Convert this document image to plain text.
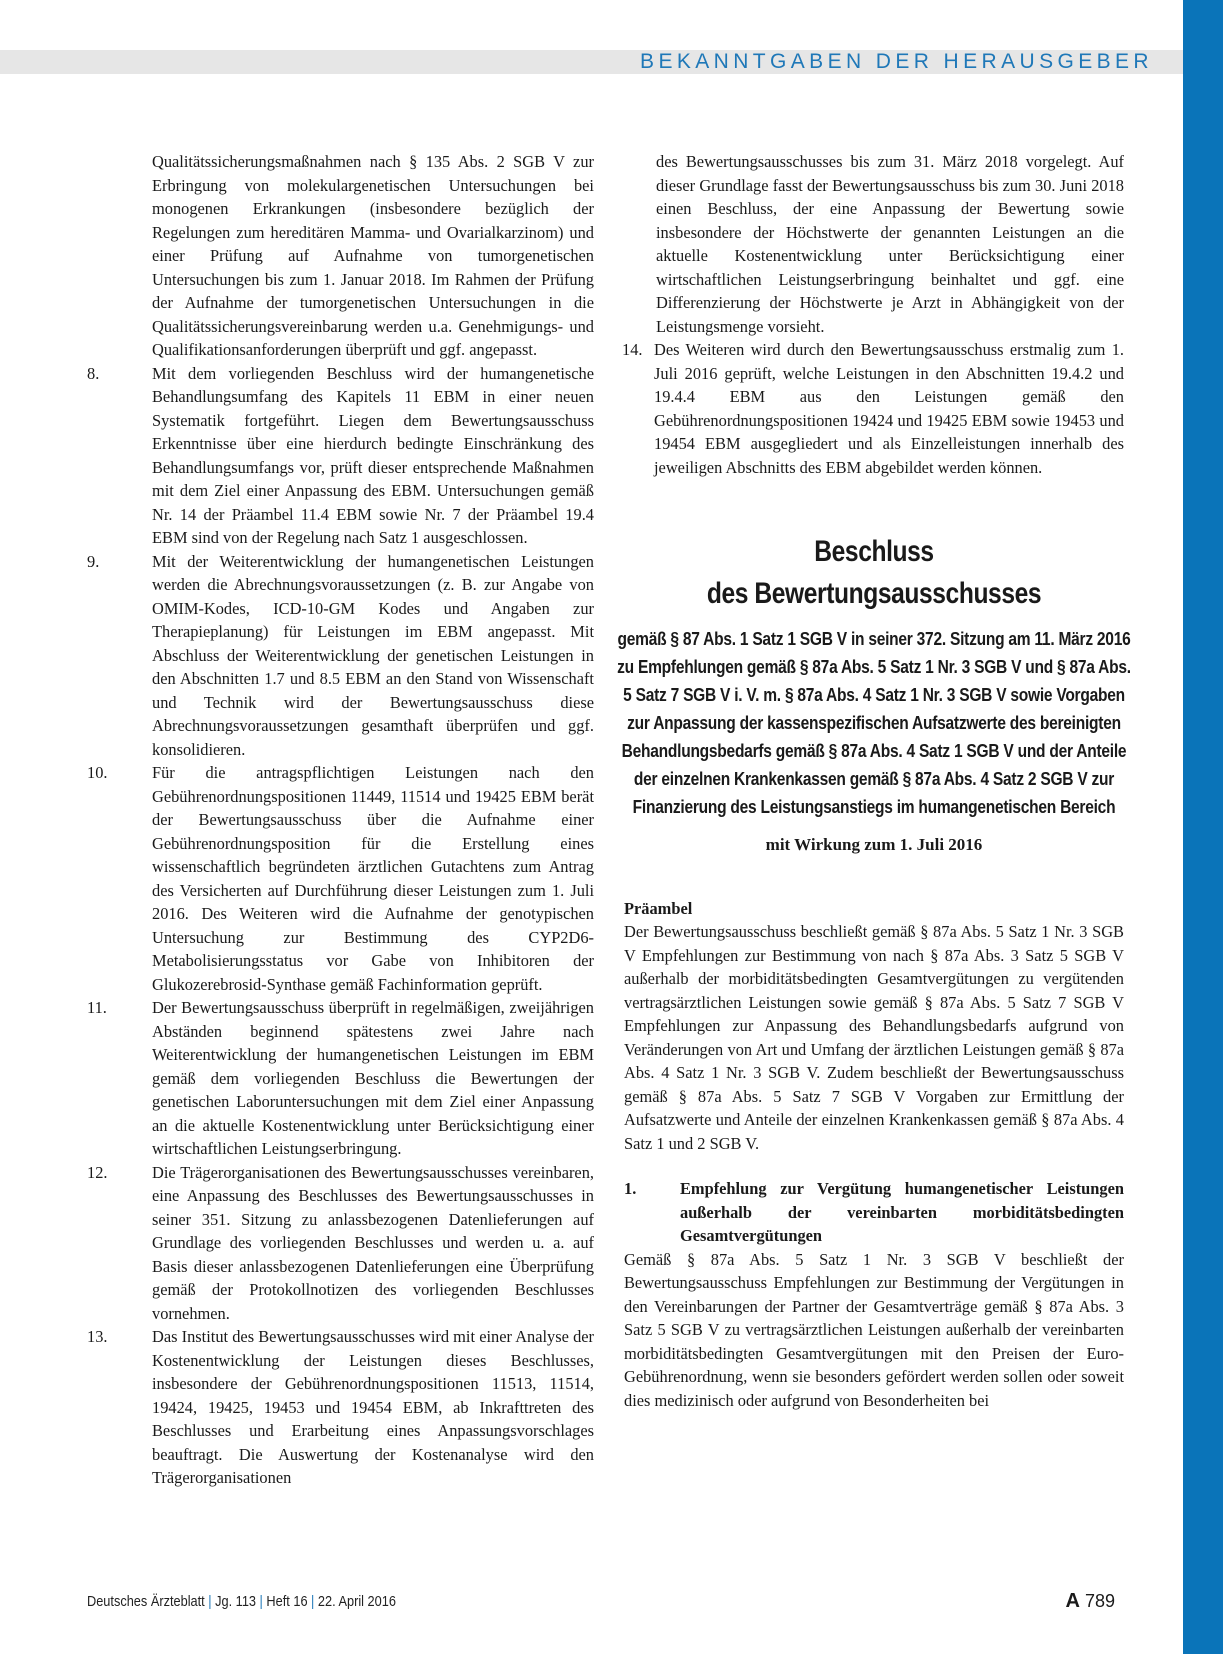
BEKANNTGABEN DER HERAUSGEBER
Qualitätssicherungsmaßnahmen nach § 135 Abs. 2 SGB V zur Erbringung von molekulargenetischen Untersuchungen bei monogenen Erkrankungen (insbesondere bezüglich der Regelungen zum hereditären Mamma- und Ovarialkarzinom) und einer Prüfung auf Aufnahme von tumorgenetischen Untersuchungen bis zum 1. Januar 2018. Im Rahmen der Prüfung der Aufnahme der tumorgenetischen Untersuchungen in die Qualitätssicherungsvereinbarung werden u.a. Genehmigungs- und Qualifikationsanforderungen überprüft und ggf. angepasst.
8.	Mit dem vorliegenden Beschluss wird der humangenetische Behandlungsumfang des Kapitels 11 EBM in einer neuen Systematik fortgeführt. Liegen dem Bewertungsausschuss Erkenntnisse über eine hierdurch bedingte Einschränkung des Behandlungsumfangs vor, prüft dieser entsprechende Maßnahmen mit dem Ziel einer Anpassung des EBM. Untersuchungen gemäß Nr. 14 der Präambel 11.4 EBM sowie Nr. 7 der Präambel 19.4 EBM sind von der Regelung nach Satz 1 ausgeschlossen.
9.	Mit der Weiterentwicklung der humangenetischen Leistungen werden die Abrechnungsvoraussetzungen (z. B. zur Angabe von OMIM-Kodes, ICD-10-GM Kodes und Angaben zur Therapieplanung) für Leistungen im EBM angepasst. Mit Abschluss der Weiterentwicklung der genetischen Leistungen in den Abschnitten 1.7 und 8.5 EBM an den Stand von Wissenschaft und Technik wird der Bewertungsausschuss diese Abrechnungsvoraussetzungen gesamthaft überprüfen und ggf. konsolidieren.
10.	Für die antragspflichtigen Leistungen nach den Gebührenordnungspositionen 11449, 11514 und 19425 EBM berät der Bewertungsausschuss über die Aufnahme einer Gebührenordnungsposition für die Erstellung eines wissenschaftlich begründeten ärztlichen Gutachtens zum Antrag des Versicherten auf Durchführung dieser Leistungen zum 1. Juli 2016. Des Weiteren wird die Aufnahme der genotypischen Untersuchung zur Bestimmung des CYP2D6-Metabolisierungsstatus vor Gabe von Inhibitoren der Glukozerebrosid-Synthase gemäß Fachinformation geprüft.
11.	Der Bewertungsausschuss überprüft in regelmäßigen, zweijährigen Abständen beginnend spätestens zwei Jahre nach Weiterentwicklung der humangenetischen Leistungen im EBM gemäß dem vorliegenden Beschluss die Bewertungen der genetischen Laboruntersuchungen mit dem Ziel einer Anpassung an die aktuelle Kostenentwicklung unter Berücksichtigung einer wirtschaftlichen Leistungserbringung.
12.	Die Trägerorganisationen des Bewertungsausschusses vereinbaren, eine Anpassung des Beschlusses des Bewertungsausschusses in seiner 351. Sitzung zu anlassbezogenen Datenlieferungen auf Grundlage des vorliegenden Beschlusses und werden u. a. auf Basis dieser anlassbezogenen Datenlieferungen eine Überprüfung gemäß der Protokollnotizen des vorliegenden Beschlusses vornehmen.
13.	Das Institut des Bewertungsausschusses wird mit einer Analyse der Kostenentwicklung der Leistungen dieses Beschlusses, insbesondere der Gebührenordnungspositionen 11513, 11514, 19424, 19425, 19453 und 19454 EBM, ab Inkrafttreten des Beschlusses und Erarbeitung eines Anpassungsvorschlages beauftragt. Die Auswertung der Kostenanalyse wird den Trägerorganisationen
des Bewertungsausschusses bis zum 31. März 2018 vorgelegt. Auf dieser Grundlage fasst der Bewertungsausschuss bis zum 30. Juni 2018 einen Beschluss, der eine Anpassung der Bewertung sowie insbesondere der Höchstwerte der genannten Leistungen an die aktuelle Kostenentwicklung unter Berücksichtigung einer wirtschaftlichen Leistungserbringung beinhaltet und ggf. eine Differenzierung der Höchstwerte je Arzt in Abhängigkeit von der Leistungsmenge vorsieht.
14. Des Weiteren wird durch den Bewertungsausschuss erstmalig zum 1. Juli 2016 geprüft, welche Leistungen in den Abschnitten 19.4.2 und 19.4.4 EBM aus den Leistungen gemäß den Gebührenordnungspositionen 19424 und 19425 EBM sowie 19453 und 19454 EBM ausgegliedert und als Einzelleistungen innerhalb des jeweiligen Abschnitts des EBM abgebildet werden können.
Beschluss
des Bewertungsausschusses
gemäß § 87 Abs. 1 Satz 1 SGB V in seiner 372. Sitzung am 11. März 2016 zu Empfehlungen gemäß § 87a Abs. 5 Satz 1 Nr. 3 SGB V und § 87a Abs. 5 Satz 7 SGB V i. V. m. § 87a Abs. 4 Satz 1 Nr. 3 SGB V sowie Vorgaben zur Anpassung der kassenspezifischen Aufsatzwerte des bereinigten Behandlungsbedarfs gemäß § 87a Abs. 4 Satz 1 SGB V und der Anteile der einzelnen Krankenkassen gemäß § 87a Abs. 4 Satz 2 SGB V zur Finanzierung des Leistungsanstiegs im humangenetischen Bereich
mit Wirkung zum 1. Juli 2016
Präambel
Der Bewertungsausschuss beschließt gemäß § 87a Abs. 5 Satz 1 Nr. 3 SGB V Empfehlungen zur Bestimmung von nach § 87a Abs. 3 Satz 5 SGB V außerhalb der morbiditätsbedingten Gesamtvergütungen zu vergütenden vertragsärztlichen Leistungen sowie gemäß § 87a Abs. 5 Satz 7 SGB V Empfehlungen zur Anpassung des Behandlungsbedarfs aufgrund von Veränderungen von Art und Umfang der ärztlichen Leistungen gemäß § 87a Abs. 4 Satz 1 Nr. 3 SGB V. Zudem beschließt der Bewertungsausschuss gemäß § 87a Abs. 5 Satz 7 SGB V Vorgaben zur Ermittlung der Aufsatzwerte und Anteile der einzelnen Krankenkassen gemäß § 87a Abs. 4 Satz 1 und 2 SGB V.
1.	Empfehlung zur Vergütung humangenetischer Leistungen außerhalb der vereinbarten morbiditätsbedingten Gesamtvergütungen
Gemäß § 87a Abs. 5 Satz 1 Nr. 3 SGB V beschließt der Bewertungsausschuss Empfehlungen zur Bestimmung der Vergütungen in den Vereinbarungen der Partner der Gesamtverträge gemäß § 87a Abs. 3 Satz 5 SGB V zu vertragsärztlichen Leistungen außerhalb der vereinbarten morbiditätsbedingten Gesamtvergütungen mit den Preisen der Euro-Gebührenordnung, wenn sie besonders gefördert werden sollen oder soweit dies medizinisch oder aufgrund von Besonderheiten bei
Deutsches Ärzteblatt | Jg. 113 | Heft 16 | 22. April 2016	A 789
